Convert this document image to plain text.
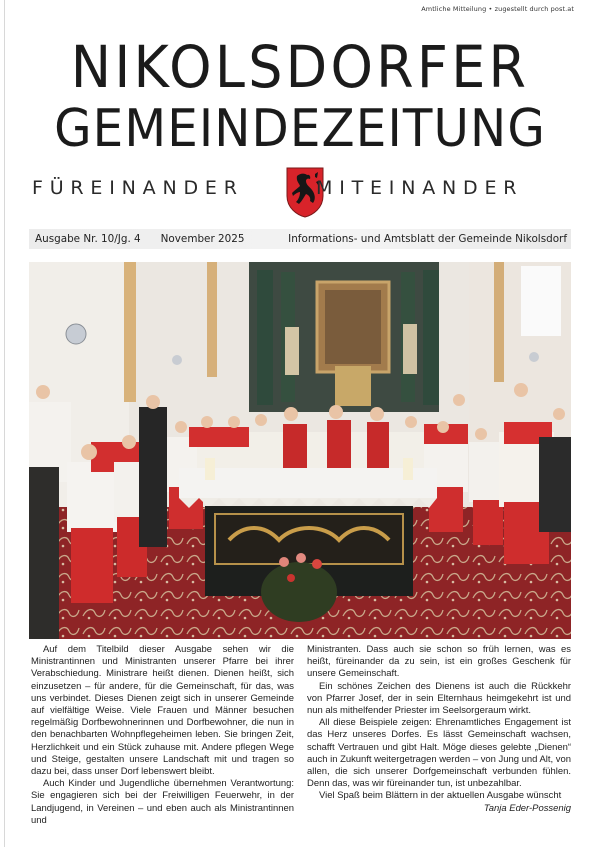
Amtliche Mitteilung • zugestellt durch post.at
NIKOLSDORFER
GEMEINDEZEITUNG
FÜREINANDER	MITEINANDER
Ausgabe Nr. 10/Jg. 4 November 2025	Informations- und Amtsblatt der Gemeinde Nikolsdorf

Auf dem Titelbild dieser Ausgabe sehen wir die Ministrantinnen und Ministranten unserer Pfarre bei ihrer Verabschiedung. Ministrare heißt dienen. Dienen heißt, sich einzusetzen – für andere, für die Gemeinschaft, für das, was uns verbindet. Dieses Dienen zeigt sich in unserer Gemeinde auf vielfältige Weise. Viele Frauen und Männer besuchen regelmäßig Dorfbewohnerinnen und Dorfbewohner, die nun in den benachbarten Wohnpflegeheimen leben. Sie bringen Zeit, Herzlichkeit und ein Stück zuhause mit. Andere pflegen Wege und Steige, gestalten unsere Landschaft mit und tragen so dazu bei, dass unser Dorf lebenswert bleibt.

Auch Kinder und Jugendliche übernehmen Verantwortung: Sie engagieren sich bei der Freiwilligen Feuerwehr, in der Landjugend, in Vereinen – und eben auch als Ministrantinnen und

Ministranten. Dass auch sie schon so früh lernen, was es heißt, füreinander da zu sein, ist ein großes Geschenk für unsere Gemeinschaft.

Ein schönes Zeichen des Dienens ist auch die Rückkehr von Pfarrer Josef, der in sein Elternhaus heimgekehrt ist und nun als mithelfender Priester im Seelsorgeraum wirkt.

All diese Beispiele zeigen: Ehrenamtliches Engagement ist das Herz unseres Dorfes. Es lässt Gemeinschaft wachsen, schafft Vertrauen und gibt Halt. Möge dieses gelebte „Dienen“ auch in Zukunft weitergetragen werden – von Jung und Alt, von allen, die sich unserer Dorfgemeinschaft verbunden fühlen. Denn das, was wir füreinander tun, ist unbezahlbar.

Viel Spaß beim Blättern in der aktuellen Ausgabe wünscht

Tanja Eder-Possenig
